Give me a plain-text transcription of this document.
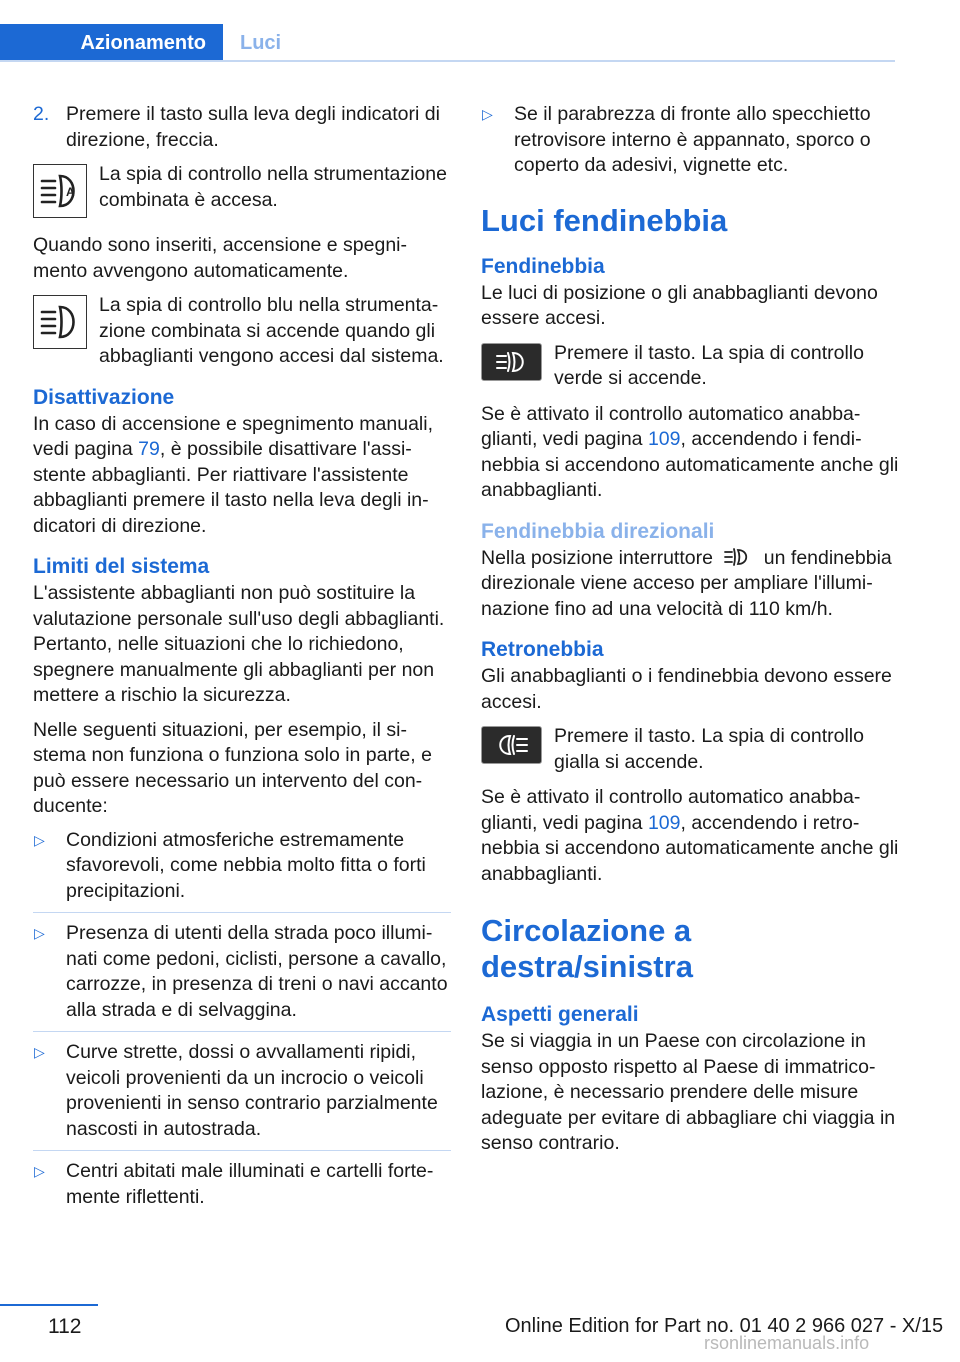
Azionamento	Luci
2. Premere il tasto sulla leva degli indicatori di direzione, freccia.
A
La spia di controllo nella strumentazione combinata è accesa.

Quando sono inseriti, accensione e spegnimento avvengono automaticamente.

La spia di controllo blu nella strumentazione combinata si accende quando gli abbaglianti vengono accesi dal sistema.
Disattivazione

In caso di accensione e spegnimento manuali, vedi pagina 79, è possibile disattivare l'assistente abbaglianti. Per riattivare l'assistente abbaglianti premere il tasto nella leva degli indicatori di direzione.

Limiti del sistema

L'assistente abbaglianti non può sostituire la valutazione personale sull'uso degli abbaglianti. Pertanto, nelle situazioni che lo richiedono, spegnere manualmente gli abbaglianti per non mettere a rischio la sicurezza.

Nelle seguenti situazioni, per esempio, il sistema non funziona o funziona solo in parte, e può essere necessario un intervento del conducente:

▷ Condizioni atmosferiche estremamente sfavorevoli, come nebbia molto fitta o forti precipitazioni.
▷ Presenza di utenti della strada poco illuminati come pedoni, ciclisti, persone a cavallo, carrozze, in presenza di treni o navi accanto alla strada e di selvaggina.
▷ Curve strette, dossi o avvallamenti ripidi, veicoli provenienti da un incrocio o veicoli provenienti in senso contrario parzialmente nascosti in autostrada.
▷ Centri abitati male illuminati e cartelli fortemente riflettenti.
▷ Se il parabrezza di fronte allo specchietto retrovisore interno è appannato, sporco o coperto da adesivi, vignette etc.
Luci fendinebbia
Fendinebbia

Le luci di posizione o gli anabbaglianti devono essere accesi.

Premere il tasto. La spia di controllo verde si accende.

Se è attivato il controllo automatico anabbaglianti, vedi pagina 109, accendendo i fendinebbia si accendono automaticamente anche gli anabbaglianti.

Fendinebbia direzionali

Nella posizione interruttore  un fendinebbia direzionale viene acceso per ampliare l'illuminazione fino ad una velocità di 110 km/h.

Retronebbia

Gli anabbaglianti o i fendinebbia devono essere accesi.

Premere il tasto. La spia di controllo gialla si accende.

Se è attivato il controllo automatico anabbaglianti, vedi pagina 109, accendendo i retronebbia si accendono automaticamente anche gli anabbaglianti.

Circolazione a destra/sinistra
Aspetti generali

Se si viaggia in un Paese con circolazione in senso opposto rispetto al Paese di immatricolazione, è necessario prendere delle misure adeguate per evitare di abbagliare chi viaggia in senso contrario.

112	Online Edition for Part no. 01 40 2 966 027 - X/15
rsonlinemanuals.info
